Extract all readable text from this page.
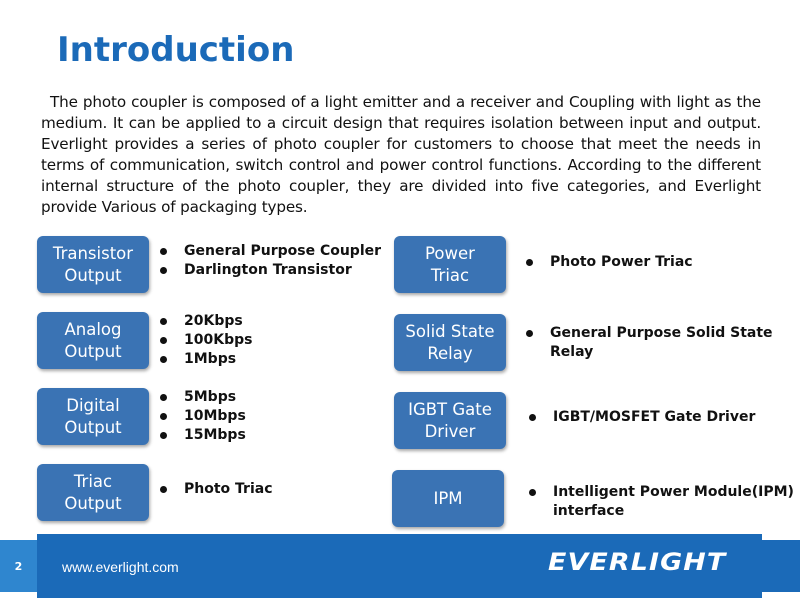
Introduction
The photo coupler is composed of a light emitter and a receiver and Coupling with light as the medium. It can be applied to a circuit design that requires isolation between input and output. Everlight provides a series of photo coupler for customers to choose that meet the needs in terms of communication, switch control and power control functions. According to the different internal structure of the photo coupler, they are divided into five categories, and Everlight provide Various of packaging types.
Transistor
Output
General Purpose Coupler
Darlington Transistor
Analog
Output
20Kbps
100Kbps
1Mbps
Digital
Output
5Mbps
10Mbps
15Mbps
Triac
Output
Photo Triac
Power
Triac
Photo Power Triac
Solid State
Relay
General Purpose Solid State
Relay
IGBT Gate
Driver
IGBT/MOSFET Gate Driver
IPM	Intelligent Power Module(IPM)
interface
2	www.everlight.com	EVERLIGHT
